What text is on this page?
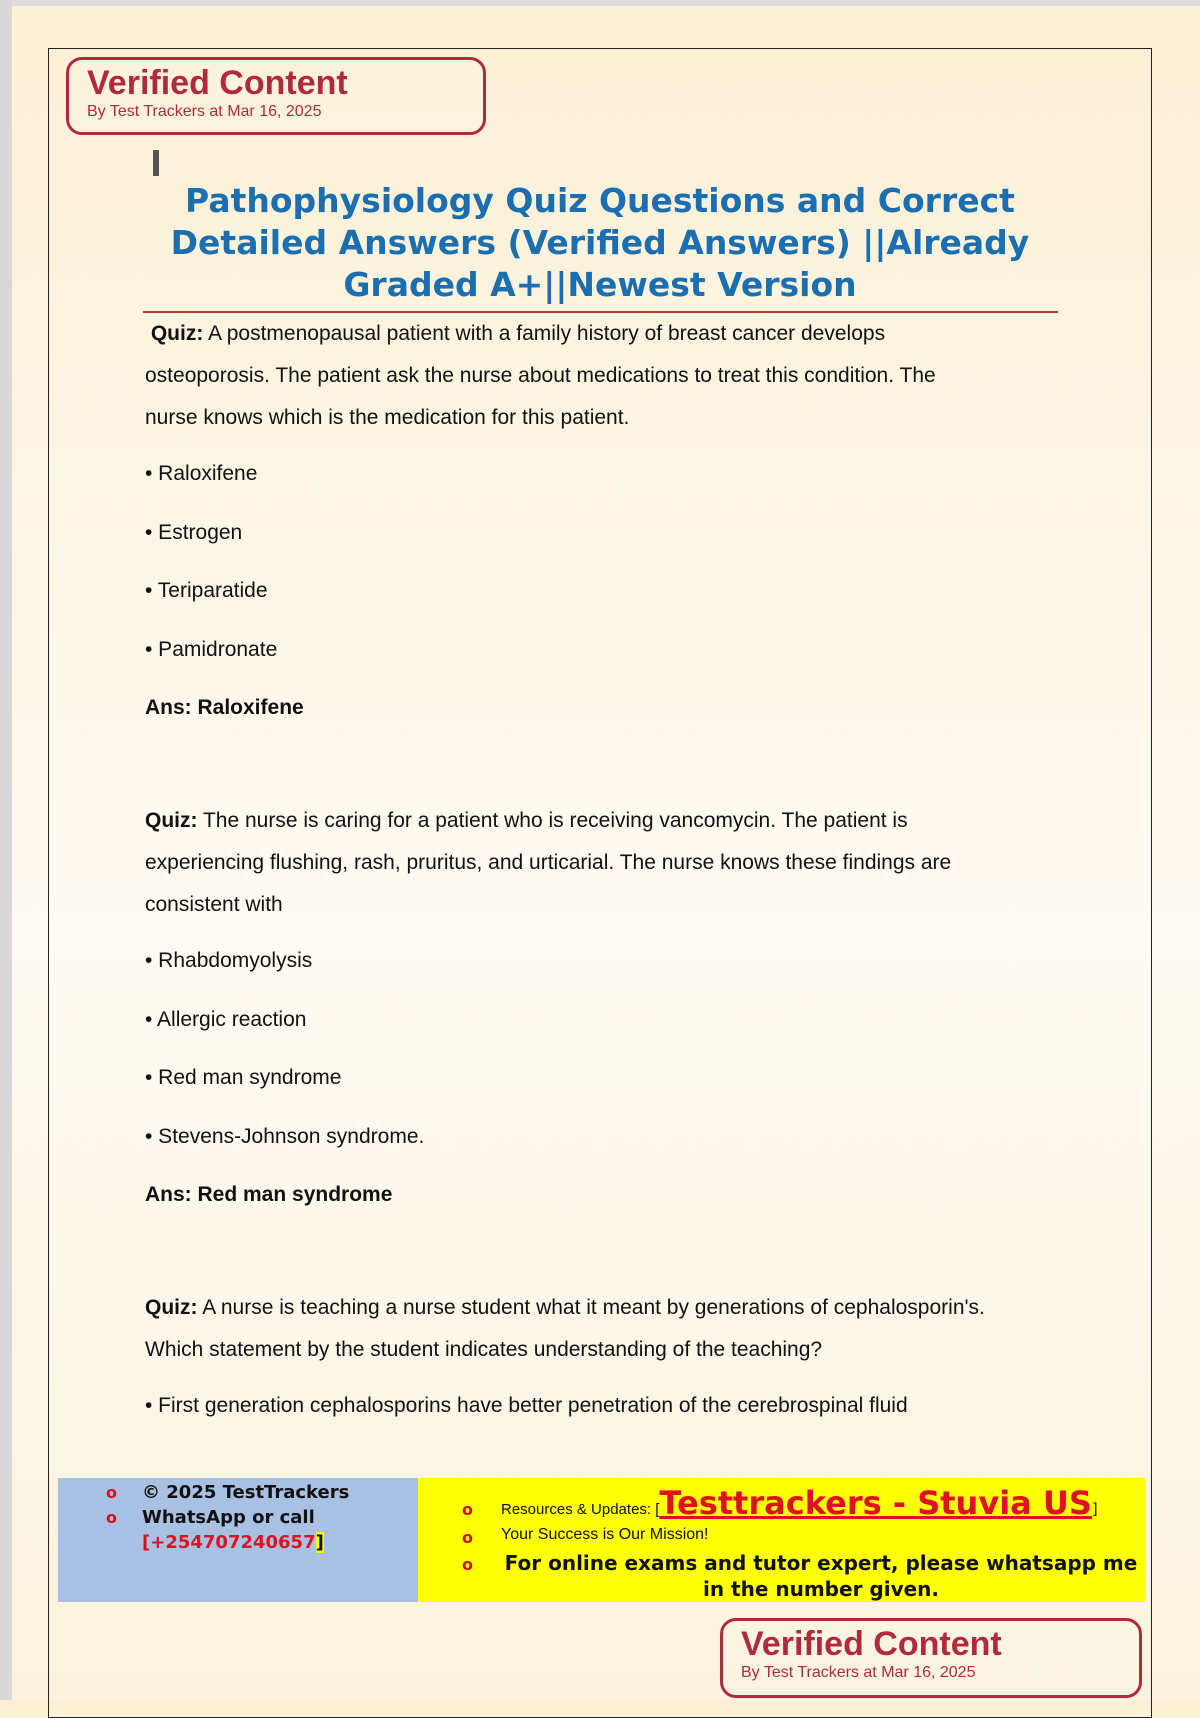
Verified Content
By Test Trackers at Mar 16, 2025
Pathophysiology Quiz Questions and Correct
Detailed Answers (Verified Answers) ||Already
Graded A+||Newest Version

Quiz: A postmenopausal patient with a family history of breast cancer develops

osteoporosis. The patient ask the nurse about medications to treat this condition. The

nurse knows which is the medication for this patient.

• Raloxifene

• Estrogen

• Teriparatide

• Pamidronate

Ans: Raloxifene

Quiz: The nurse is caring for a patient who is receiving vancomycin. The patient is

experiencing flushing, rash, pruritus, and urticarial. The nurse knows these findings are

consistent with

• Rhabdomyolysis

• Allergic reaction

• Red man syndrome

• Stevens-Johnson syndrome.

Ans: Red man syndrome

Quiz: A nurse is teaching a nurse student what it meant by generations of cephalosporin's.

Which statement by the student indicates understanding of the teaching?

• First generation cephalosporins have better penetration of the cerebrospinal fluid

o © 2025 TestTrackers
o WhatsApp or call
[+254707240657]
o Resources & Updates: [Testtrackers - Stuvia US]
o Your Success is Our Mission!
o For online exams and tutor expert, please whatsapp me
in the number given.
Verified Content
By Test Trackers at Mar 16, 2025
